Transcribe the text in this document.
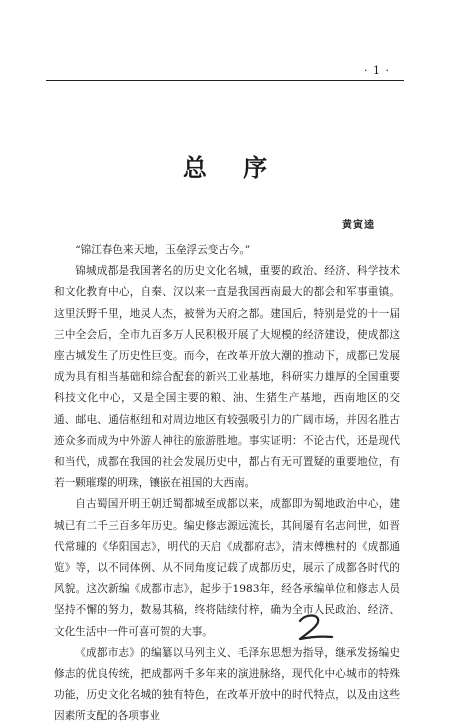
· 1 ·
总 序
黄寅逵

“锦江春色来天地，玉垒浮云变古今。”

锦城成都是我国著名的历史文化名城，重要的政治、经济、科学技术和文化教育中心，自秦、汉以来一直是我国西南最大的都会和军事重镇。这里沃野千里，地灵人杰，被誉为天府之都。建国后，特别是党的十一届三中全会后，全市九百多万人民积极开展了大规模的经济建设，使成都这座古城发生了历史性巨变。而今，在改革开放大潮的推动下，成都已发展成为具有相当基础和综合配套的新兴工业基地，科研实力雄厚的全国重要科技文化中心，又是全国主要的粮、油、生猪生产基地，西南地区的交通、邮电、通信枢纽和对周边地区有较强吸引力的广阔市场，并因名胜古迹众多而成为中外游人神往的旅游胜地。事实证明：不论古代，还是现代和当代，成都在我国的社会发展历史中，都占有无可置疑的重要地位，有若一颗璀璨的明珠，镶嵌在祖国的大西南。

自古蜀国开明王朝迁蜀都城至成都以来，成都即为蜀地政治中心，建城已有二千三百多年历史。编史修志源远流长，其间屡有名志问世，如晋代常璩的《华阳国志》，明代的天启《成都府志》，清末傅樵村的《成都通览》等，以不同体例、从不同角度记载了成都历史，展示了成都各时代的风貌。这次新编《成都市志》，起步于1983年，经各承编单位和修志人员坚持不懈的努力，数易其稿，终将陆续付梓，确为全市人民政治、经济、文化生活中一件可喜可贺的大事。

《成都市志》的编纂以马列主义、毛泽东思想为指导，继承发扬编史修志的优良传统，把成都两千多年来的演进脉络，现代化中心城市的特殊功能，历史文化名城的独有特色，在改革开放中的时代特点，以及由这些因素所支配的各项事业
